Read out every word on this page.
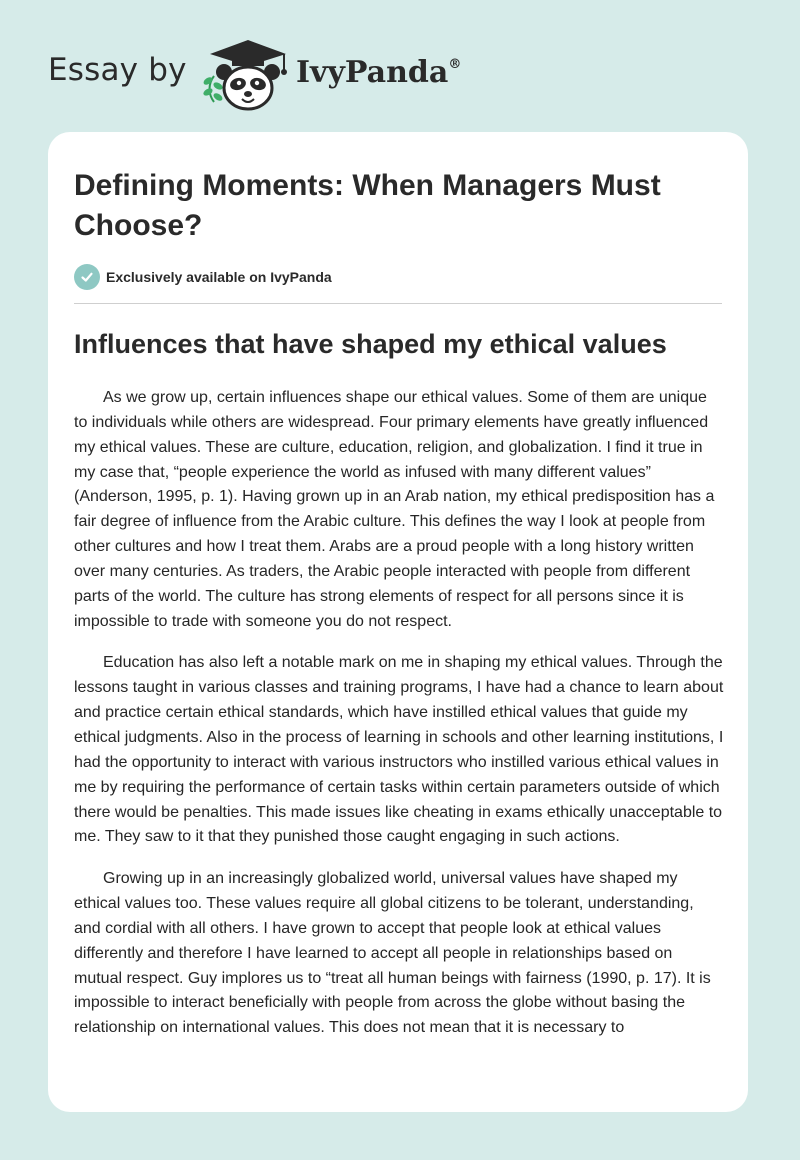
Essay by	IvyPanda®
Defining Moments: When Managers Must Choose?
Exclusively available on IvyPanda
Influences that have shaped my ethical values

As we grow up, certain influences shape our ethical values. Some of them are unique to individuals while others are widespread. Four primary elements have greatly influenced my ethical values. These are culture, education, religion, and globalization. I find it true in my case that, “people experience the world as infused with many different values” (Anderson, 1995, p. 1). Having grown up in an Arab nation, my ethical predisposition has a fair degree of influence from the Arabic culture. This defines the way I look at people from other cultures and how I treat them. Arabs are a proud people with a long history written over many centuries. As traders, the Arabic people interacted with people from different parts of the world. The culture has strong elements of respect for all persons since it is impossible to trade with someone you do not respect.

Education has also left a notable mark on me in shaping my ethical values. Through the lessons taught in various classes and training programs, I have had a chance to learn about and practice certain ethical standards, which have instilled ethical values that guide my ethical judgments. Also in the process of learning in schools and other learning institutions, I had the opportunity to interact with various instructors who instilled various ethical values in me by requiring the performance of certain tasks within certain parameters outside of which there would be penalties. This made issues like cheating in exams ethically unacceptable to me. They saw to it that they punished those caught engaging in such actions.

Growing up in an increasingly globalized world, universal values have shaped my ethical values too. These values require all global citizens to be tolerant, understanding, and cordial with all others. I have grown to accept that people look at ethical values differently and therefore I have learned to accept all people in relationships based on mutual respect. Guy implores us to “treat all human beings with fairness (1990, p. 17). It is impossible to interact beneficially with people from across the globe without basing the relationship on international values. This does not mean that it is necessary to
